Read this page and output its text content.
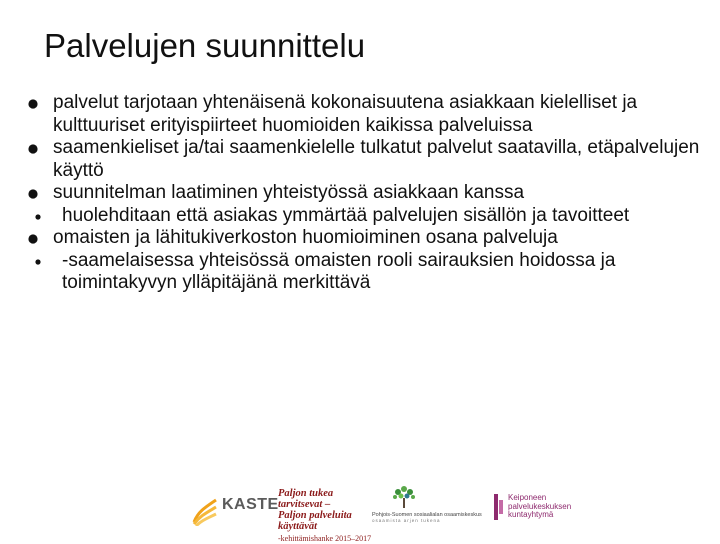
Palvelujen suunnittelu
palvelut tarjotaan yhtenäisenä kokonaisuutena asiakkaan kielelliset ja kulttuuriset erityispiirteet huomioiden kaikissa palveluissa
saamenkieliset ja/tai saamenkielelle tulkatut palvelut saatavilla, etäpalvelujen käyttö
suunnitelman laatiminen yhteistyössä asiakkaan kanssa
huolehditaan että asiakas ymmärtää palvelujen sisällön ja tavoitteet
omaisten ja lähitukiverkoston huomioiminen osana palveluja
-saamelaisessa yhteisössä omaisten rooli sairauksien hoidossa ja toimintakyvyn ylläpitäjänä merkittävä
KASTE
Paljon tukea tarvitsevat –
Paljon palveluita käyttävät
-kehittämishanke 2015–2017
Pohjois-Suomen sosiaalialan osaamiskeskus
osaamista arjen tukena
Keiponeen
palvelukeskuksen
kuntayhtymä
